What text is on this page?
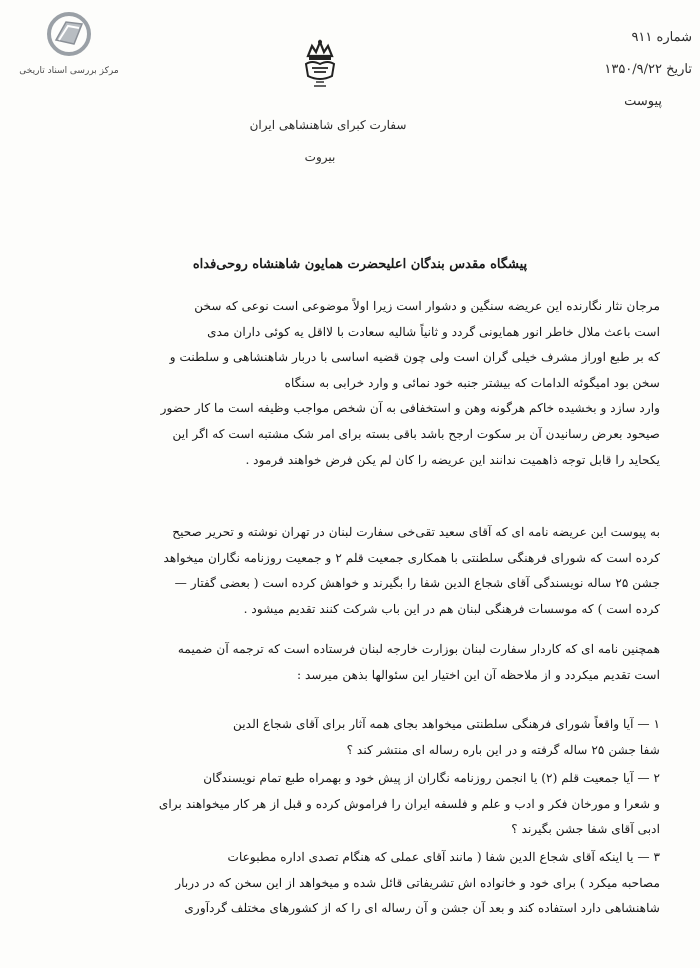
مرکز بررسی اسناد تاریخی
سفارت کبرای شاهنشاهی ایران
بیروت
شماره ۹۱۱
تاریخ ۱۳۵۰/۹/۲۲
پیوست
پیشگاه مقدس بندگان اعلیحضرت همایون شاهنشاه روحی‌فداه
مرجان نثار نگارنده این عریضه سنگین و دشوار است زیرا اولاً موضوعی است نوعی که سخن
است باعث ملال خاطر انور همایونی گردد و ثانیاً شالیه سعادت با لااقل یه کوئی داران مدی
که بر طبع اوراز مشرف خیلی گران است ولی چون قضیه اساسی با دربار شاهنشاهی و سلطنت و
سخن بود امیگوئه الدامات که بیشتر جنبه خود نمائی و وارد خرابی به سنگاه
وارد سازد و بخشیده خاکم هرگونه وهن و استخفافی به آن شخص مواجب وظیفه است ما کار حضور
صیحود بعرض رسانیدن آن بر سکوت ارجح باشد باقی بسته برای امر شک مشتبه است که اگر این
یکحاید را قابل توجه ذاهمیت ندانند این عریضه را کان لم یکن فرض خواهند فرمود .
به پیوست این عریضه نامه ای که آقای سعید تقی‌خی سفارت لبنان در تهران نوشته و تحریر صحیح
کرده است که شورای فرهنگی سلطنتی با همکاری جمعیت قلم ۲ و جمعیت روزنامه نگاران میخواهد
جشن ۲۵ ساله نویسندگی آقای شجاع الدین شفا را بگیرند و خواهش کرده است ( بعضی گفتار —
کرده است ) که موسسات فرهنگی لبنان هم در این باب شرکت کنند تقدیم میشود .
همچنین نامه ای که کاردار سفارت لبنان بوزارت خارجه لبنان فرستاده است که ترجمه آن ضمیمه
است تقدیم میکردد و از ملاحظه آن این اختیار این سئوالها بذهن میرسد :
۱ — آیا واقعاً شورای فرهنگی سلطنتی میخواهد بجای همه آثار برای آقای شجاع الدین
شفا جشن ۲۵ ساله گرفته و در این باره رساله ای منتشر کند ؟
۲ — آیا جمعیت قلم (۲) یا انجمن روزنامه نگاران از پیش خود و بهمراه طبع تمام نویسندگان
و شعرا و مورخان فکر و ادب و علم و فلسفه ایران را فراموش کرده و قبل از هر کار میخواهند برای
ادبی آقای شفا جشن بگیرند ؟
۳ — یا اینکه آقای شجاع الدین شفا ( مانند آقای عملی که هنگام تصدی اداره مطبوعات
مصاحبه میکرد ) برای خود و خانواده اش تشریفاتی قائل شده و میخواهد از این سخن که در دربار
شاهنشاهی دارد استفاده کند و بعد آن جشن و آن رساله ای را که از کشورهای مختلف گردآوری
